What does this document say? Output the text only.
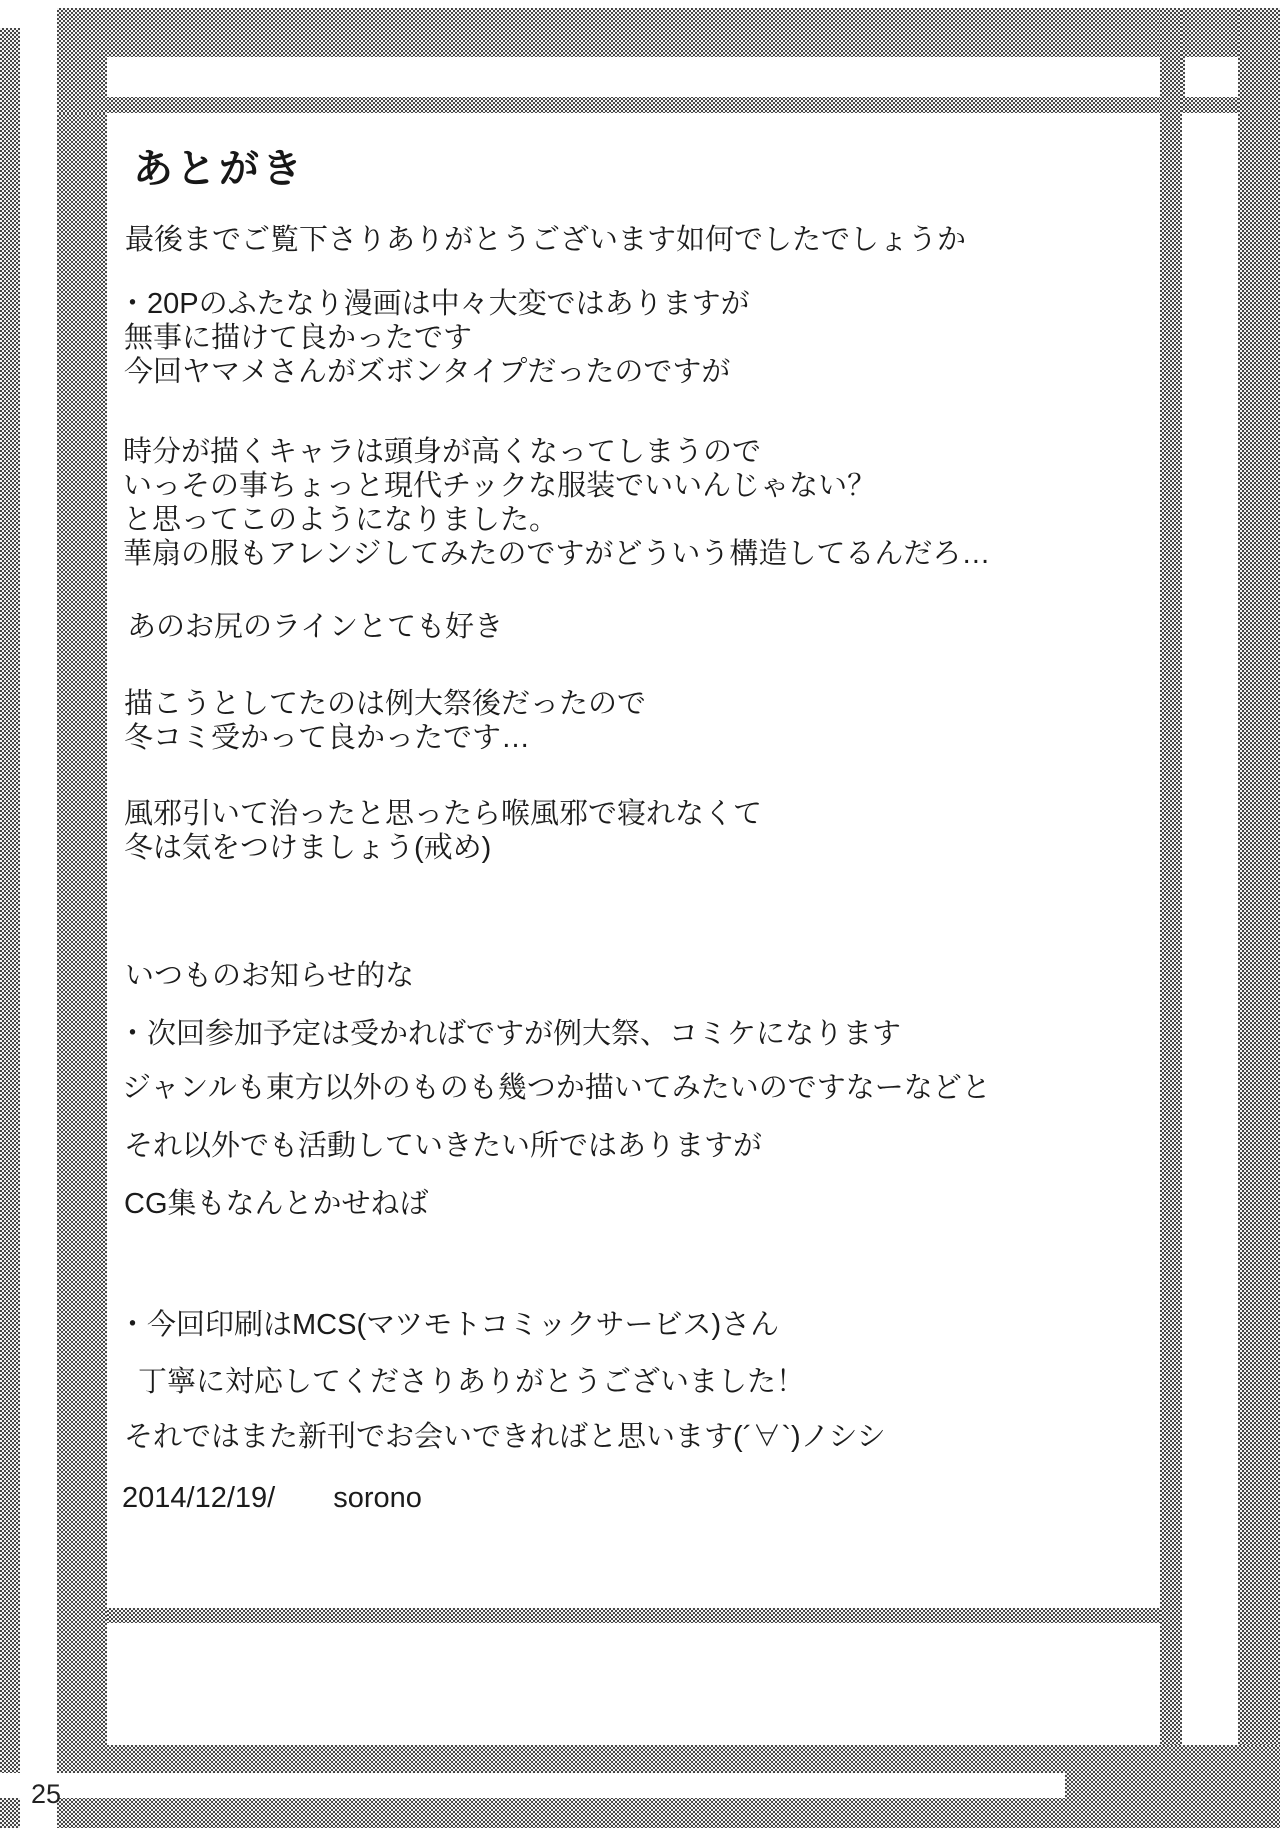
あとがき
最後までご覧下さりありがとうございます如何でしたでしょうか
・20Pのふたなり漫画は中々大変ではありますが
無事に描けて良かったです
今回ヤマメさんがズボンタイプだったのですが
時分が描くキャラは頭身が高くなってしまうので
いっその事ちょっと現代チックな服装でいいんじゃない？
と思ってこのようになりました。
華扇の服もアレンジしてみたのですがどういう構造してるんだろ…
あのお尻のラインとても好き
描こうとしてたのは例大祭後だったので
冬コミ受かって良かったです…
風邪引いて治ったと思ったら喉風邪で寝れなくて
冬は気をつけましょう(戒め)
いつものお知らせ的な
・次回参加予定は受かればですが例大祭、コミケになります
ジャンルも東方以外のものも幾つか描いてみたいのですなーなどと
それ以外でも活動していきたい所ではありますが
CG集もなんとかせねば
・今回印刷はMCS(マツモトコミックサービス)さん
丁寧に対応してくださりありがとうございました！
それではまた新刊でお会いできればと思います(´∀`)ノシシ
2014/12/19/　　sorono
25
